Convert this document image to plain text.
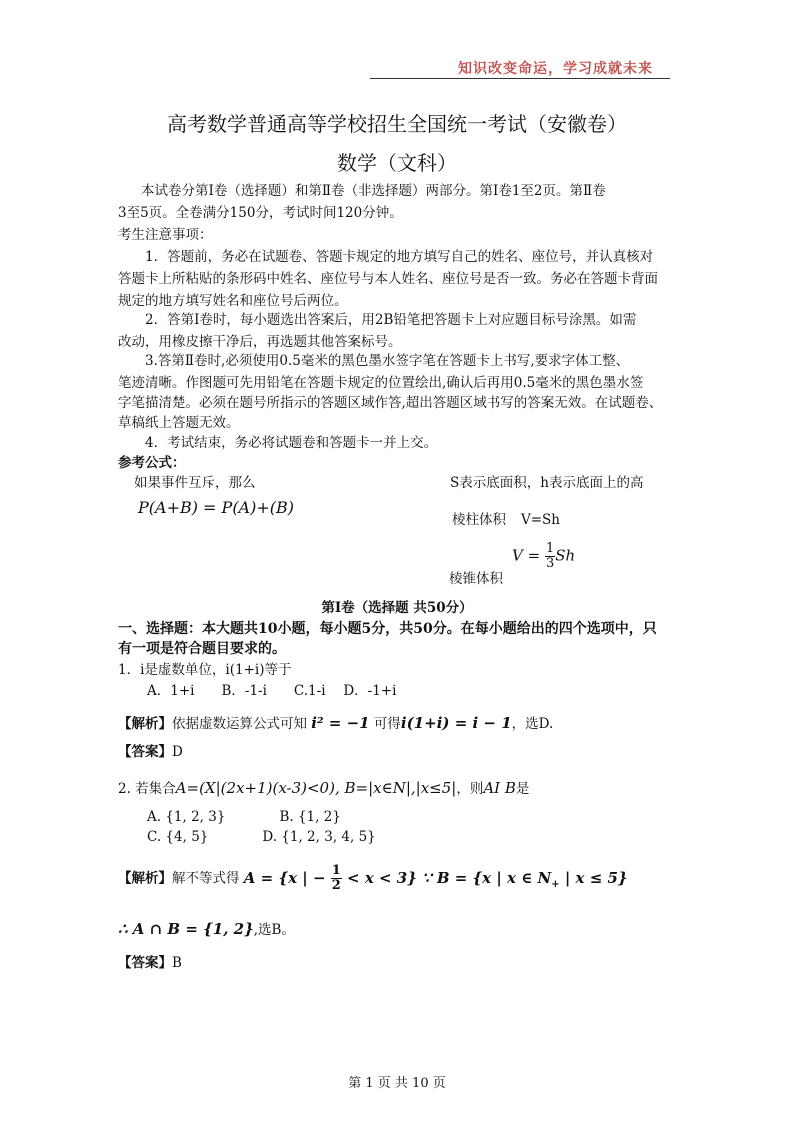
知识改变命运，学习成就未来
高考数学普通高等学校招生全国统一考试（安徽卷）
数学（文科）
本试卷分第Ⅰ卷（选择题）和第Ⅱ卷（非选择题）两部分。第Ⅰ卷1至2页。第Ⅱ卷
3至5页。全卷满分150分，考试时间120分钟。
考生注意事项：
1．答题前，务必在试题卷、答题卡规定的地方填写自己的姓名、座位号，并认真核对
答题卡上所粘贴的条形码中姓名、座位号与本人姓名、座位号是否一致。务必在答题卡背面
规定的地方填写姓名和座位号后两位。
2．答第Ⅰ卷时，每小题选出答案后，用2B铅笔把答题卡上对应题目标号涂黑。如需
改动，用橡皮擦干净后，再选题其他答案标号。
3.答第Ⅱ卷时,必须使用0.5毫米的黑色墨水签字笔在答题卡上书写,要求字体工整、
笔迹清晰。作图题可先用铅笔在答题卡规定的位置绘出,确认后再用0.5毫米的黑色墨水签
字笔描清楚。必须在题号所指示的答题区域作答,超出答题区域书写的答案无效。在试题卷、
草稿纸上答题无效。
4．考试结束，务必将试题卷和答题卡一并上交。
参考公式：
如果事件互斥，那么
P(A+B) = P(A)+(B)
S表示底面积，h表示底面上的高
棱柱体积 V=Sh
$V = \frac{1}{3}$ Sh
棱锥体积
第Ⅰ卷（选择题 共50分）
一、选择题：本大题共10小题，每小题5分，共50分。在每小题给出的四个选项中，只
有一项是符合题目要求的。
1．i是虚数单位，i(1+i)等于
A．1+i　　B．-1-i　　C.1-i　 D．-1+i
【解析】依据虚数运算公式可知 i² = −1 可得i(1+i) = i − 1，选D.
【答案】D
2. 若集合A=(X|(2x+1)(x-3)<0), B=|x∈N|,|x≤5|，则AI B是
A. {1, 2, 3}　　　　B. {1, 2}
C. {4, 5}　　　　D. {1, 2, 3, 4, 5}
【解析】解不等式得 A = {x | − $\frac{1}{2} < x < 3$} ∵ B = {x | x ∈ $N_+$ | x ≤ 5}
∴ A ∩ B = {1, 2},选B。
【答案】B
第 1 页 共 10 页
